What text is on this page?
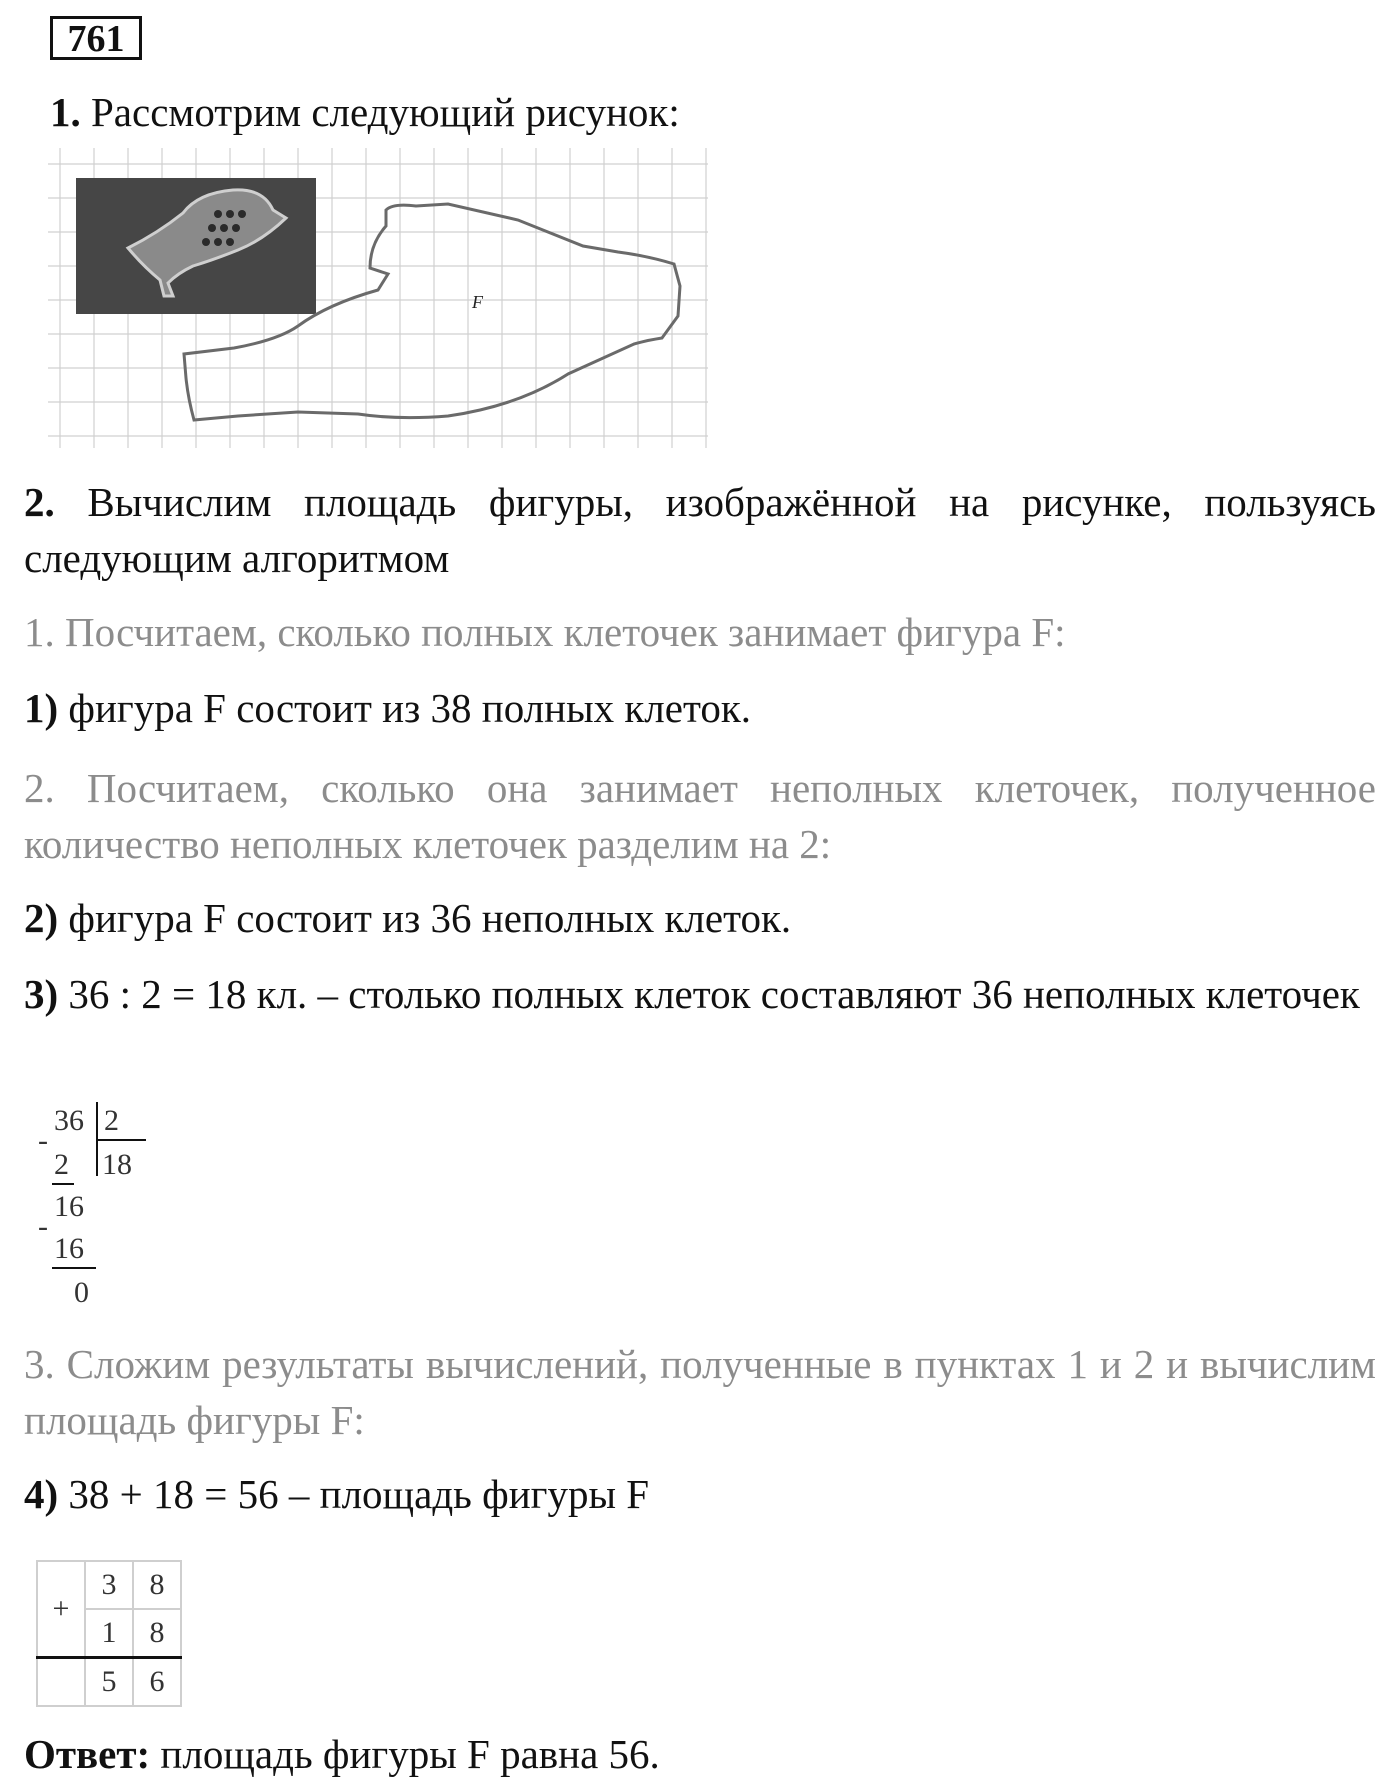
761

1. Рассмотрим следующий рисунок:

F

2. Вычислим площадь фигуры, изображённой на рисунке, пользуясь следующим алгоритмом

1. Посчитаем, сколько полных клеточек занимает фигура F:

1) фигура F состоит из 38 полных клеток.

2. Посчитаем, сколько она занимает неполных клеточек, полученное количество неполных клеточек разделим на 2:

2) фигура F состоит из 36 неполных клеток.

3) 36 : 2 = 18 кл. – столько полных клеток составляют 36 неполных клеточек

36 2
-
2 18
16
-
16
0

3. Сложим результаты вычислений, полученные в пунктах 1 и 2 и вычислим площадь фигуры F:

4) 38 + 18 = 56 – площадь фигуры F

+	3	8
	1	8
	5	6

Ответ: площадь фигуры F равна 56.
